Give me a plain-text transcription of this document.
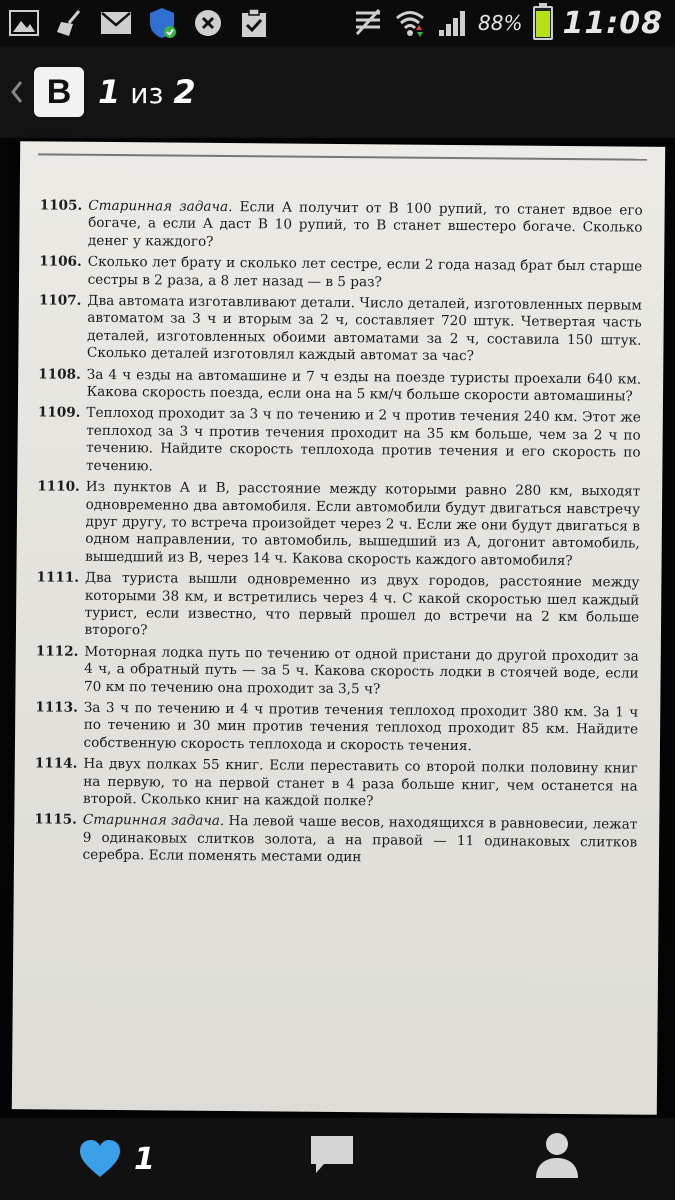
88% 11:08
B 1 из 2
1105. Старинная задача. Если A получит от B 100 рупий, то станет вдвое его богаче, а если A даст B 10 рупий, то B станет вшестеро богаче. Сколько денег у каждого?
1106. Сколько лет брату и сколько лет сестре, если 2 года назад брат был старше сестры в 2 раза, а 8 лет назад — в 5 раз?
1107. Два автомата изготавливают детали. Число деталей, изготовленных первым автоматом за 3 ч и вторым за 2 ч, составляет 720 штук. Четвертая часть деталей, изготовленных обоими автоматами за 2 ч, составила 150 штук. Сколько деталей изготовлял каждый автомат за час?
1108. За 4 ч езды на автомашине и 7 ч езды на поезде туристы проехали 640 км. Какова скорость поезда, если она на 5 км/ч больше скорости автомашины?
1109. Теплоход проходит за 3 ч по течению и 2 ч против течения 240 км. Этот же теплоход за 3 ч против течения проходит на 35 км больше, чем за 2 ч по течению. Найдите скорость теплохода против течения и его скорость по течению.
1110. Из пунктов A и B, расстояние между которыми равно 280 км, выходят одновременно два автомобиля. Если автомобили будут двигаться навстречу друг другу, то встреча произойдет через 2 ч. Если же они будут двигаться в одном направлении, то автомобиль, вышедший из A, догонит автомобиль, вышедший из B, через 14 ч. Какова скорость каждого автомобиля?
1111. Два туриста вышли одновременно из двух городов, расстояние между которыми 38 км, и встретились через 4 ч. С какой скоростью шел каждый турист, если известно, что первый прошел до встречи на 2 км больше второго?
1112. Моторная лодка путь по течению от одной пристани до другой проходит за 4 ч, а обратный путь — за 5 ч. Какова скорость лодки в стоячей воде, если 70 км по течению она проходит за 3,5 ч?
1113. За 3 ч по течению и 4 ч против течения теплоход проходит 380 км. За 1 ч по течению и 30 мин против течения теплоход проходит 85 км. Найдите собственную скорость теплохода и скорость течения.
1114. На двух полках 55 книг. Если переставить со второй полки половину книг на первую, то на первой станет в 4 раза больше книг, чем останется на второй. Сколько книг на каждой полке?
1115. Старинная задача. На левой чаше весов, находящихся в равновесии, лежат 9 одинаковых слитков золота, а на правой — 11 одинаковых слитков серебра. Если поменять местами один
1
